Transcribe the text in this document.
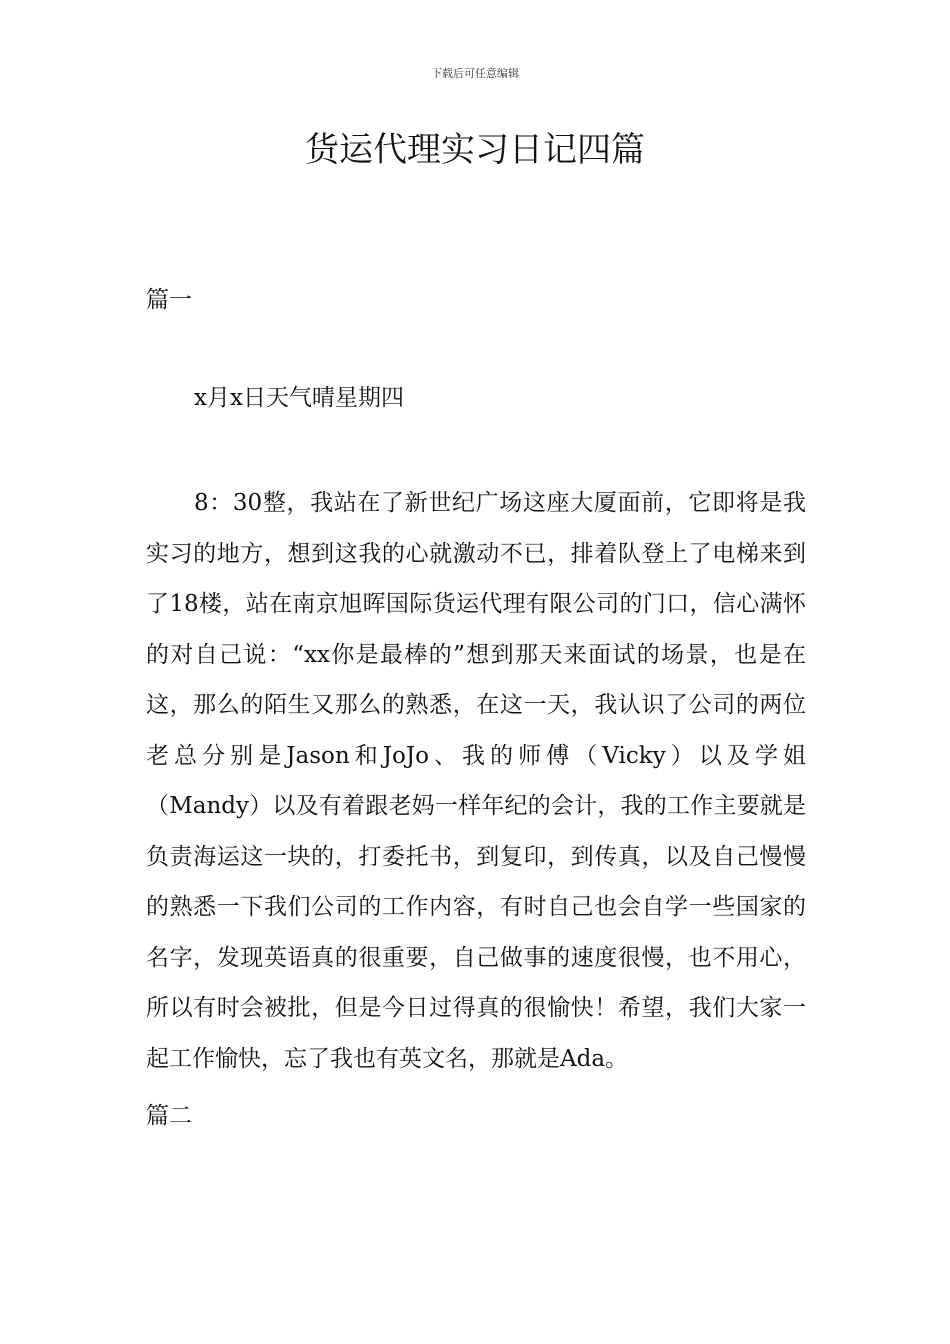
下载后可任意编辑
货运代理实习日记四篇
篇一

x月x日天气晴星期四

8：30整，我站在了新世纪广场这座大厦面前，它即将是我实习的地方，想到这我的心就激动不已，排着队登上了电梯来到了18楼，站在南京旭晖国际货运代理有限公司的门口，信心满怀的对自己说：“xx你是最棒的”想到那天来面试的场景，也是在这，那么的陌生又那么的熟悉，在这一天，我认识了公司的两位老总分别是Jason和JoJo、我的师傅（Vicky）以及学姐（Mandy）以及有着跟老妈一样年纪的会计，我的工作主要就是负责海运这一块的，打委托书，到复印，到传真，以及自己慢慢的熟悉一下我们公司的工作内容，有时自己也会自学一些国家的名字，发现英语真的很重要，自己做事的速度很慢，也不用心，所以有时会被批，但是今日过得真的很愉快！希望，我们大家一起工作愉快，忘了我也有英文名，那就是Ada。

篇二
